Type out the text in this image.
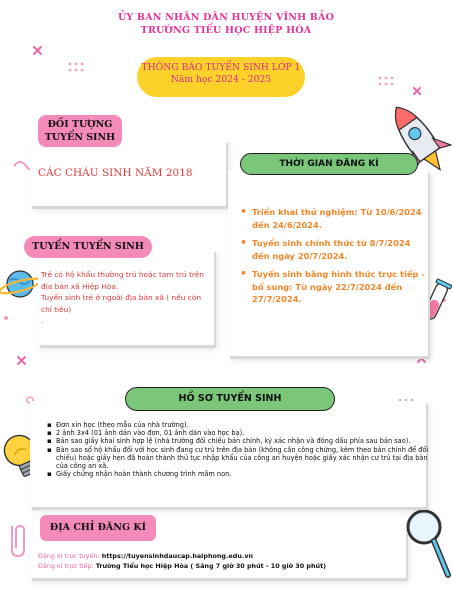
ỦY BAN NHÂN DÂN HUYỆN VĨNH BẢO
TRƯỜNG TIỂU HỌC HIỆP HÒA
THÔNG BÁO TUYỂN SINH LỚP 1
Năm học 2024 - 2025
CÁC CHÁU SINH NĂM 2018
ĐỐI TƯỢNG
TUYỂN SINH
Trẻ có hộ khẩu thường trú hoặc tạm trú trên địa bàn xã Hiệp Hòa.
Tuyển sinh trẻ ở ngoài địa bàn xã ( nếu còn chỉ tiêu)
.
TUYỂN TUYỂN SINH
• Triển khai thử nghiệm: Từ 10/6/2024 đến 24/6/2024.
• Tuyển sinh chính thức từ 8/7/2024 đến ngày 20/7/2024.
• Tuyển sinh bằng hình thức trực tiếp - bổ sung: Từ ngày 22/7/2024 đến 27/7/2024.
THỜI GIAN ĐĂNG KÍ
▪ Đơn xin học (theo mẫu của nhà trường).
▪ 2 ảnh 3x4 (01 ảnh dán vào đơn, 01 ảnh dán vào học bạ).
▪ Bản sao giấy khai sinh hợp lệ (nhà trường đối chiếu bản chính, ký xác nhận và đóng dấu phía sau bản sao).
▪ Bản sao sổ hộ khẩu đối với học sinh đang cư trú trên địa bàn (không cần công chứng, kèm theo bản chính để đối chiếu) hoặc giấy hẹn đã hoàn thành thủ tục nhập khẩu của công an huyện hoặc giấy xác nhận cư trú tại địa bàn của công an xã.
▪ Giấy chứng nhận hoàn thành chương trình mầm non.
HỒ SƠ TUYỂN SINH
Đăng kí trực tuyến: https://tuyensinhdaucap.haiphong.edu.vn
Đăng kí trực tiếp: Trường Tiểu học Hiệp Hòa ( Sáng 7 giờ 30 phút - 10 giờ 30 phút)
ĐỊA CHỈ ĐĂNG KÍ
